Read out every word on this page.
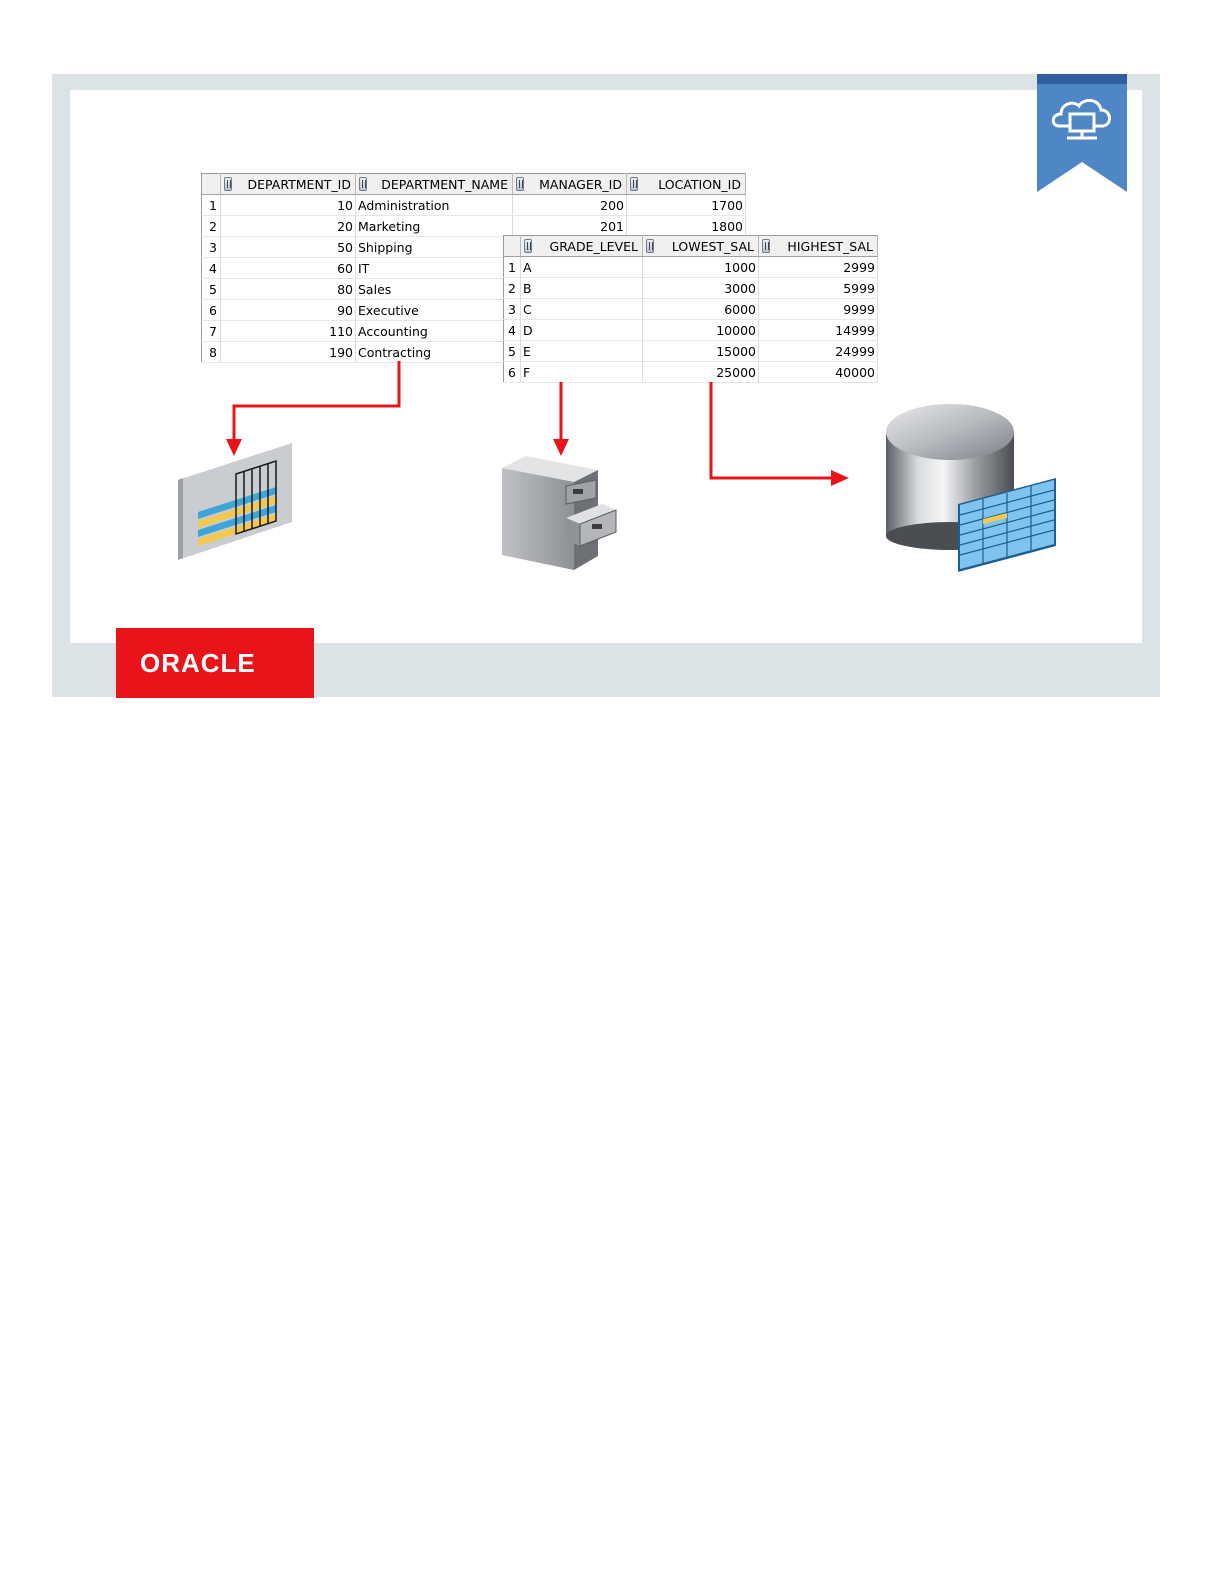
DEPARTMENT_ID	DEPARTMENT_NAME	MANAGER_ID	LOCATION_ID
1	10	Administration	200	1700
2	20	Marketing	201	1800
3	50	Shipping		
4	60	IT		
5	80	Sales		
6	90	Executive		
7	110	Accounting		
8	190	Contracting		

GRADE_LEVEL	LOWEST_SAL	HIGHEST_SAL
1	A	1000	2999
2	B	3000	5999
3	C	6000	9999
4	D	10000	14999
5	E	15000	24999
6	F	25000	40000
ORACLE
